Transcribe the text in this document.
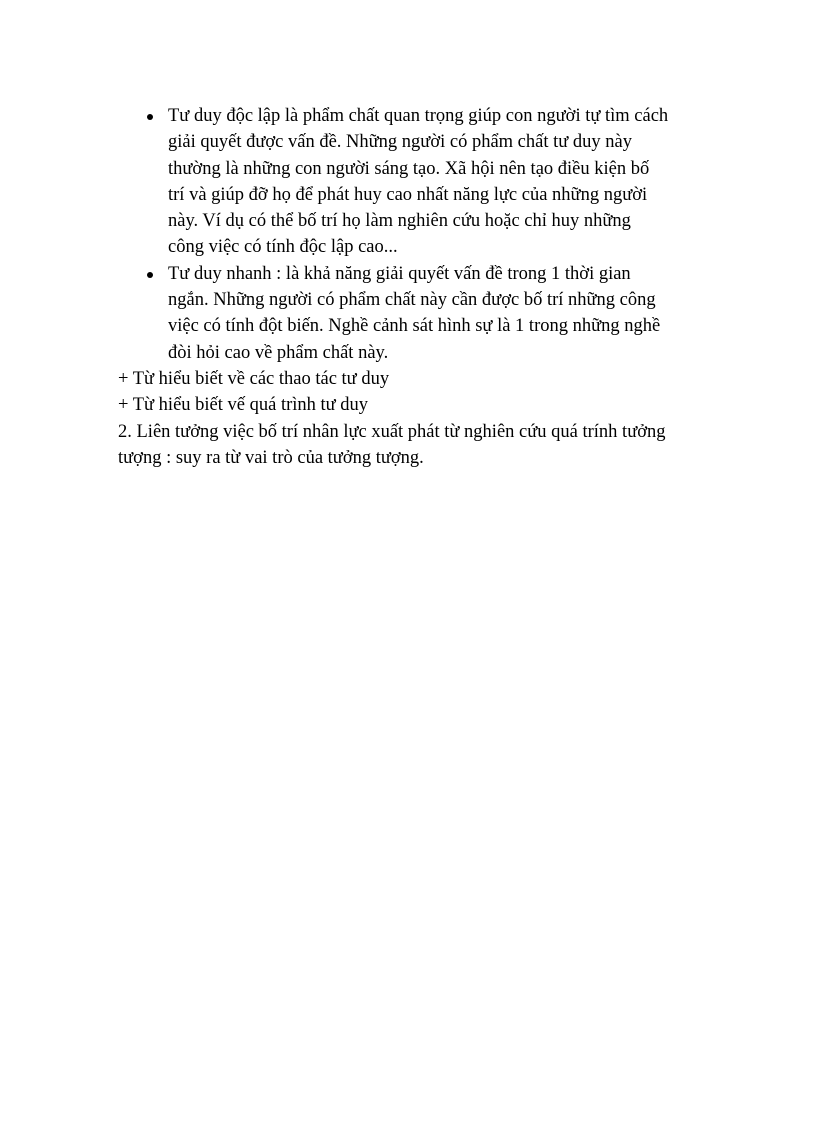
Tư duy độc lập là phẩm chất quan trọng giúp con người tự tìm cách
giải quyết được vấn đề. Những người có phẩm chất tư duy này
thường là những con người sáng tạo. Xã hội nên tạo điều kiện bố
trí và giúp đỡ họ để phát huy cao nhất năng lực của những người
này. Ví dụ có thể bố trí họ làm nghiên cứu hoặc chỉ huy những
công việc có tính độc lập cao...
Tư duy nhanh : là khả năng giải quyết vấn đề trong 1 thời gian
ngắn. Những người có phẩm chất này cần được bố trí những công
việc có tính đột biến. Nghề cảnh sát hình sự là 1 trong những nghề
đòi hỏi cao về phẩm chất này.

+ Từ hiểu biết về các thao tác tư duy

+ Từ hiểu biết vế quá trình tư duy

2. Liên tưởng việc bố trí nhân lực xuất phát từ nghiên cứu quá trính tưởng
tượng : suy ra từ vai trò của tưởng tượng.
